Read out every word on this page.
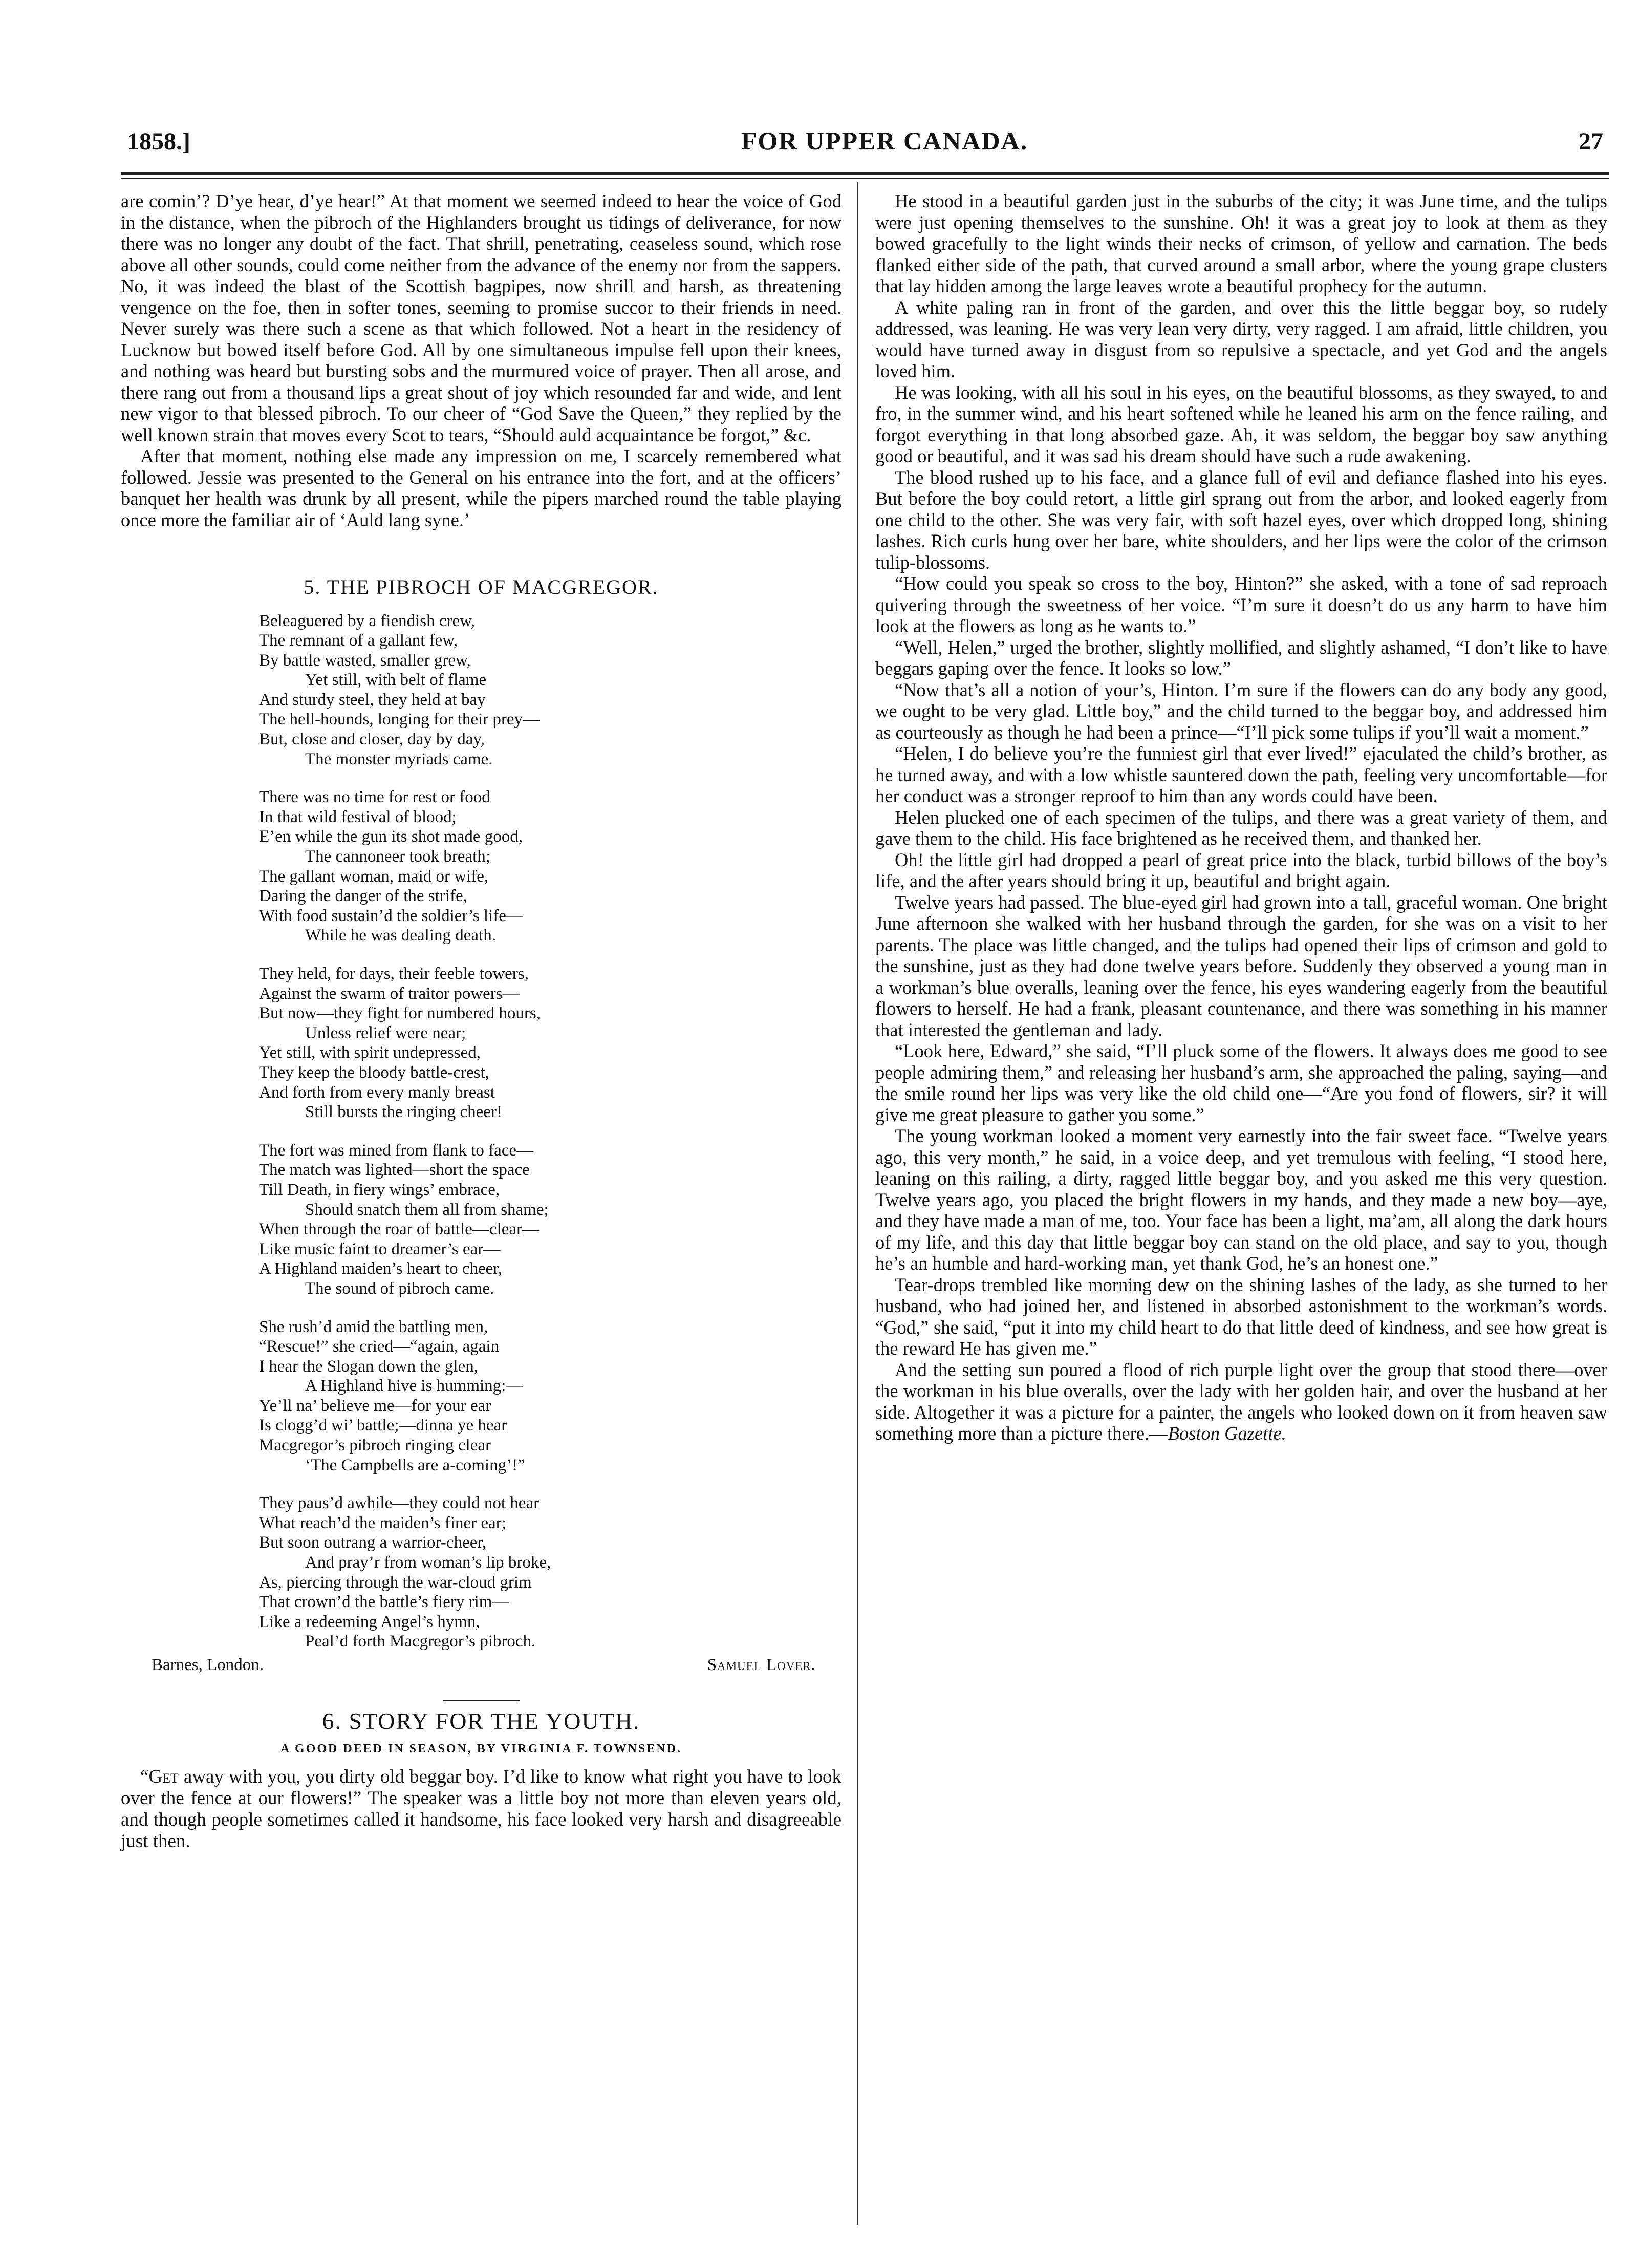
1858.]	FOR UPPER CANADA.	27

are comin’? D’ye hear, d’ye hear!” At that moment we seemed indeed to hear the voice of God in the distance, when the pibroch of the Highlanders brought us tidings of deliverance, for now there was no longer any doubt of the fact. That shrill, penetrating, ceaseless sound, which rose above all other sounds, could come neither from the advance of the enemy nor from the sappers. No, it was indeed the blast of the Scottish bagpipes, now shrill and harsh, as threatening vengence on the foe, then in softer tones, seeming to promise succor to their friends in need. Never surely was there such a scene as that which followed. Not a heart in the residency of Lucknow but bowed itself before God. All by one simultaneous impulse fell upon their knees, and nothing was heard but bursting sobs and the murmured voice of prayer. Then all arose, and there rang out from a thousand lips a great shout of joy which resounded far and wide, and lent new vigor to that blessed pibroch. To our cheer of “God Save the Queen,” they replied by the well known strain that moves every Scot to tears, “Should auld acquaintance be forgot,” &c.

After that moment, nothing else made any impression on me, I scarcely remembered what followed. Jessie was presented to the General on his entrance into the fort, and at the officers’ banquet her health was drunk by all present, while the pipers marched round the table playing once more the familiar air of ‘Auld lang syne.’

5. THE PIBROCH OF MACGREGOR.
Beleaguered by a fiendish crew,
The remnant of a gallant few,
By battle wasted, smaller grew,
Yet still, with belt of flame
And sturdy steel, they held at bay
The hell-hounds, longing for their prey—
But, close and closer, day by day,
The monster myriads came.
There was no time for rest or food
In that wild festival of blood;
E’en while the gun its shot made good,
The cannoneer took breath;
The gallant woman, maid or wife,
Daring the danger of the strife,
With food sustain’d the soldier’s life—
While he was dealing death.
They held, for days, their feeble towers,
Against the swarm of traitor powers—
But now—they fight for numbered hours,
Unless relief were near;
Yet still, with spirit undepressed,
They keep the bloody battle-crest,
And forth from every manly breast
Still bursts the ringing cheer!
The fort was mined from flank to face—
The match was lighted—short the space
Till Death, in fiery wings’ embrace,
Should snatch them all from shame;
When through the roar of battle—clear—
Like music faint to dreamer’s ear—
A Highland maiden’s heart to cheer,
The sound of pibroch came.
She rush’d amid the battling men,
“Rescue!” she cried—“again, again
I hear the Slogan down the glen,
A Highland hive is humming:—
Ye’ll na’ believe me—for your ear
Is clogg’d wi’ battle;—dinna ye hear
Macgregor’s pibroch ringing clear
‘The Campbells are a-coming’!”
They paus’d awhile—they could not hear
What reach’d the maiden’s finer ear;
But soon outrang a warrior-cheer,
And pray’r from woman’s lip broke,
As, piercing through the war-cloud grim
That crown’d the battle’s fiery rim—
Like a redeeming Angel’s hymn,
Peal’d forth Macgregor’s pibroch.
Barnes, London.	Samuel Lover.
6. STORY FOR THE YOUTH.
A GOOD DEED IN SEASON, BY VIRGINIA F. TOWNSEND.

“Get away with you, you dirty old beggar boy. I’d like to know what right you have to look over the fence at our flowers!” The speaker was a little boy not more than eleven years old, and though people sometimes called it handsome, his face looked very harsh and disagreeable just then.

He stood in a beautiful garden just in the suburbs of the city; it was June time, and the tulips were just opening themselves to the sunshine. Oh! it was a great joy to look at them as they bowed gracefully to the light winds their necks of crimson, of yellow and carnation. The beds flanked either side of the path, that curved around a small arbor, where the young grape clusters that lay hidden among the large leaves wrote a beautiful prophecy for the autumn.

A white paling ran in front of the garden, and over this the little beggar boy, so rudely addressed, was leaning. He was very lean very dirty, very ragged. I am afraid, little children, you would have turned away in disgust from so repulsive a spectacle, and yet God and the angels loved him.

He was looking, with all his soul in his eyes, on the beautiful blossoms, as they swayed, to and fro, in the summer wind, and his heart softened while he leaned his arm on the fence railing, and forgot everything in that long absorbed gaze. Ah, it was seldom, the beggar boy saw anything good or beautiful, and it was sad his dream should have such a rude awakening.

The blood rushed up to his face, and a glance full of evil and defiance flashed into his eyes. But before the boy could retort, a little girl sprang out from the arbor, and looked eagerly from one child to the other. She was very fair, with soft hazel eyes, over which dropped long, shining lashes. Rich curls hung over her bare, white shoulders, and her lips were the color of the crimson tulip-blossoms.

“How could you speak so cross to the boy, Hinton?” she asked, with a tone of sad reproach quivering through the sweetness of her voice. “I’m sure it doesn’t do us any harm to have him look at the flowers as long as he wants to.”

“Well, Helen,” urged the brother, slightly mollified, and slightly ashamed, “I don’t like to have beggars gaping over the fence. It looks so low.”

“Now that’s all a notion of your’s, Hinton. I’m sure if the flowers can do any body any good, we ought to be very glad. Little boy,” and the child turned to the beggar boy, and addressed him as courteously as though he had been a prince—“I’ll pick some tulips if you’ll wait a moment.”

“Helen, I do believe you’re the funniest girl that ever lived!” ejaculated the child’s brother, as he turned away, and with a low whistle sauntered down the path, feeling very uncomfortable—for her conduct was a stronger reproof to him than any words could have been.

Helen plucked one of each specimen of the tulips, and there was a great variety of them, and gave them to the child. His face brightened as he received them, and thanked her.

Oh! the little girl had dropped a pearl of great price into the black, turbid billows of the boy’s life, and the after years should bring it up, beautiful and bright again.

Twelve years had passed. The blue-eyed girl had grown into a tall, graceful woman. One bright June afternoon she walked with her husband through the garden, for she was on a visit to her parents. The place was little changed, and the tulips had opened their lips of crimson and gold to the sunshine, just as they had done twelve years before. Suddenly they observed a young man in a workman’s blue overalls, leaning over the fence, his eyes wandering eagerly from the beautiful flowers to herself. He had a frank, pleasant countenance, and there was something in his manner that interested the gentleman and lady.

“Look here, Edward,” she said, “I’ll pluck some of the flowers. It always does me good to see people admiring them,” and releasing her husband’s arm, she approached the paling, saying—and the smile round her lips was very like the old child one—“Are you fond of flowers, sir? it will give me great pleasure to gather you some.”

The young workman looked a moment very earnestly into the fair sweet face. “Twelve years ago, this very month,” he said, in a voice deep, and yet tremulous with feeling, “I stood here, leaning on this railing, a dirty, ragged little beggar boy, and you asked me this very question. Twelve years ago, you placed the bright flowers in my hands, and they made a new boy—aye, and they have made a man of me, too. Your face has been a light, ma’am, all along the dark hours of my life, and this day that little beggar boy can stand on the old place, and say to you, though he’s an humble and hard-working man, yet thank God, he’s an honest one.”

Tear-drops trembled like morning dew on the shining lashes of the lady, as she turned to her husband, who had joined her, and listened in absorbed astonishment to the workman’s words. “God,” she said, “put it into my child heart to do that little deed of kindness, and see how great is the reward He has given me.”

And the setting sun poured a flood of rich purple light over the group that stood there—over the workman in his blue overalls, over the lady with her golden hair, and over the husband at her side. Altogether it was a picture for a painter, the angels who looked down on it from heaven saw something more than a picture there.—Boston Gazette.
